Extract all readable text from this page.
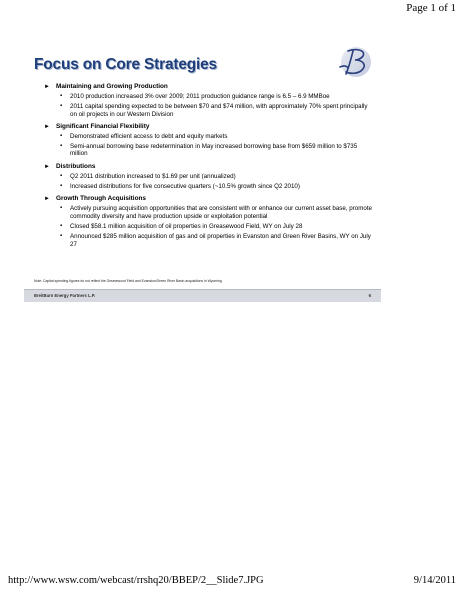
Page 1 of 1
Focus on Core Strategies
► Maintaining and Growing Production
▪	2010 production increased 3% over 2009; 2011 production guidance range is 6.5 – 6.9 MMBoe
▪	2011 capital spending expected to be between $70 and $74 million, with approximately 70% spent principally on oil projects in our Western Division
► Significant Financial Flexibility
▪	Demonstrated efficient access to debt and equity markets
▪	Semi-annual borrowing base redetermination in May increased borrowing base from $659 million to $735 million
► Distributions
▪	Q2 2011 distribution increased to $1.69 per unit (annualized)
▪	Increased distributions for five consecutive quarters (~10.5% growth since Q2 2010)
► Growth Through Acquisitions
▪	Actively pursuing acquisition opportunities that are consistent with or enhance our current asset base, promote commodity diversity and have production upside or exploitation potential
▪	Closed $58.1 million acquisition of oil properties in Greasewood Field, WY on July 28
▪	Announced $285 million acquisition of gas and oil properties in Evanston and Green River Basins, WY on July 27
Note: Capital spending figures do not reflect the Greasewood Field and Evanston/Green River Basin acquisitions in Wyoming.
BreitBurn Energy Partners L.P.	6
http://www.wsw.com/webcast/rrshq20/BBEP/2__Slide7.JPG	9/14/2011
